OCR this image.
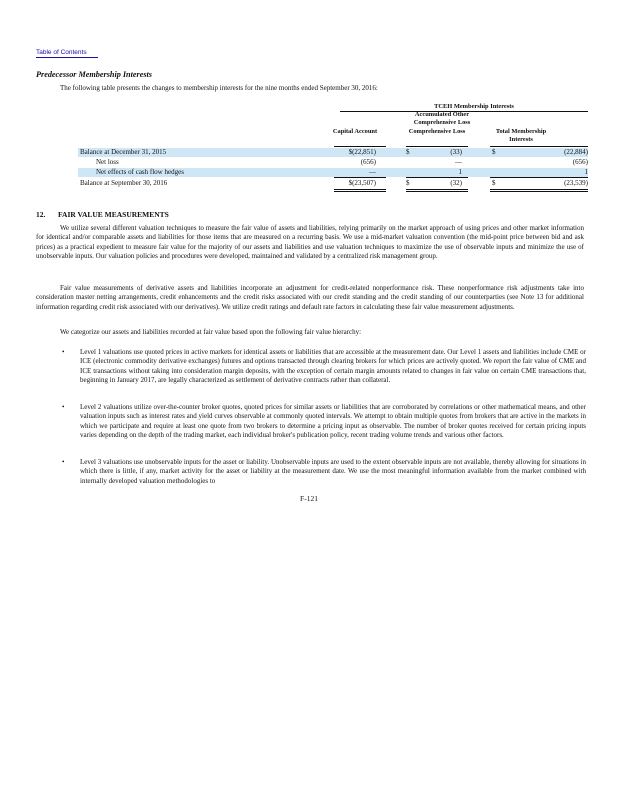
Table of Contents
Predecessor Membership Interests
The following table presents the changes to membership interests for the nine months ended September 30, 2016:
TCEH Membership Interests
Accumulated Other Comprehensive Loss
Capital Account	Comprehensive Loss	Total Membership Interests
Balance at December 31, 2015	$(22,851)	$	(33)	$	(22,884)
Net loss	(656)	—	(656)
Net effects of cash flow hedges	—	1	1
Balance at September 30, 2016	$(23,507)	$	(32)	$	(23,539)
12. FAIR VALUE MEASUREMENTS
We utilize several different valuation techniques to measure the fair value of assets and liabilities, relying primarily on the market approach of using prices and other market information for identical and/or comparable assets and liabilities for those items that are measured on a recurring basis. We use a mid-market valuation convention (the mid-point price between bid and ask prices) as a practical expedient to measure fair value for the majority of our assets and liabilities and use valuation techniques to maximize the use of observable inputs and minimize the use of unobservable inputs. Our valuation policies and procedures were developed, maintained and validated by a centralized risk management group.
Fair value measurements of derivative assets and liabilities incorporate an adjustment for credit-related nonperformance risk. These nonperformance risk adjustments take into consideration master netting arrangements, credit enhancements and the credit risks associated with our credit standing and the credit standing of our counterparties (see Note 13 for additional information regarding credit risk associated with our derivatives). We utilize credit ratings and default rate factors in calculating these fair value measurement adjustments.
We categorize our assets and liabilities recorded at fair value based upon the following fair value hierarchy:
• Level 1 valuations use quoted prices in active markets for identical assets or liabilities that are accessible at the measurement date. Our Level 1 assets and liabilities include CME or ICE (electronic commodity derivative exchanges) futures and options transacted through clearing brokers for which prices are actively quoted. We report the fair value of CME and ICE transactions without taking into consideration margin deposits, with the exception of certain margin amounts related to changes in fair value on certain CME transactions that, beginning in January 2017, are legally characterized as settlement of derivative contracts rather than collateral.
• Level 2 valuations utilize over-the-counter broker quotes, quoted prices for similar assets or liabilities that are corroborated by correlations or other mathematical means, and other valuation inputs such as interest rates and yield curves observable at commonly quoted intervals. We attempt to obtain multiple quotes from brokers that are active in the markets in which we participate and require at least one quote from two brokers to determine a pricing input as observable. The number of broker quotes received for certain pricing inputs varies depending on the depth of the trading market, each individual broker's publication policy, recent trading volume trends and various other factors.
• Level 3 valuations use unobservable inputs for the asset or liability. Unobservable inputs are used to the extent observable inputs are not available, thereby allowing for situations in which there is little, if any, market activity for the asset or liability at the measurement date. We use the most meaningful information available from the market combined with internally developed valuation methodologies to
F-121
